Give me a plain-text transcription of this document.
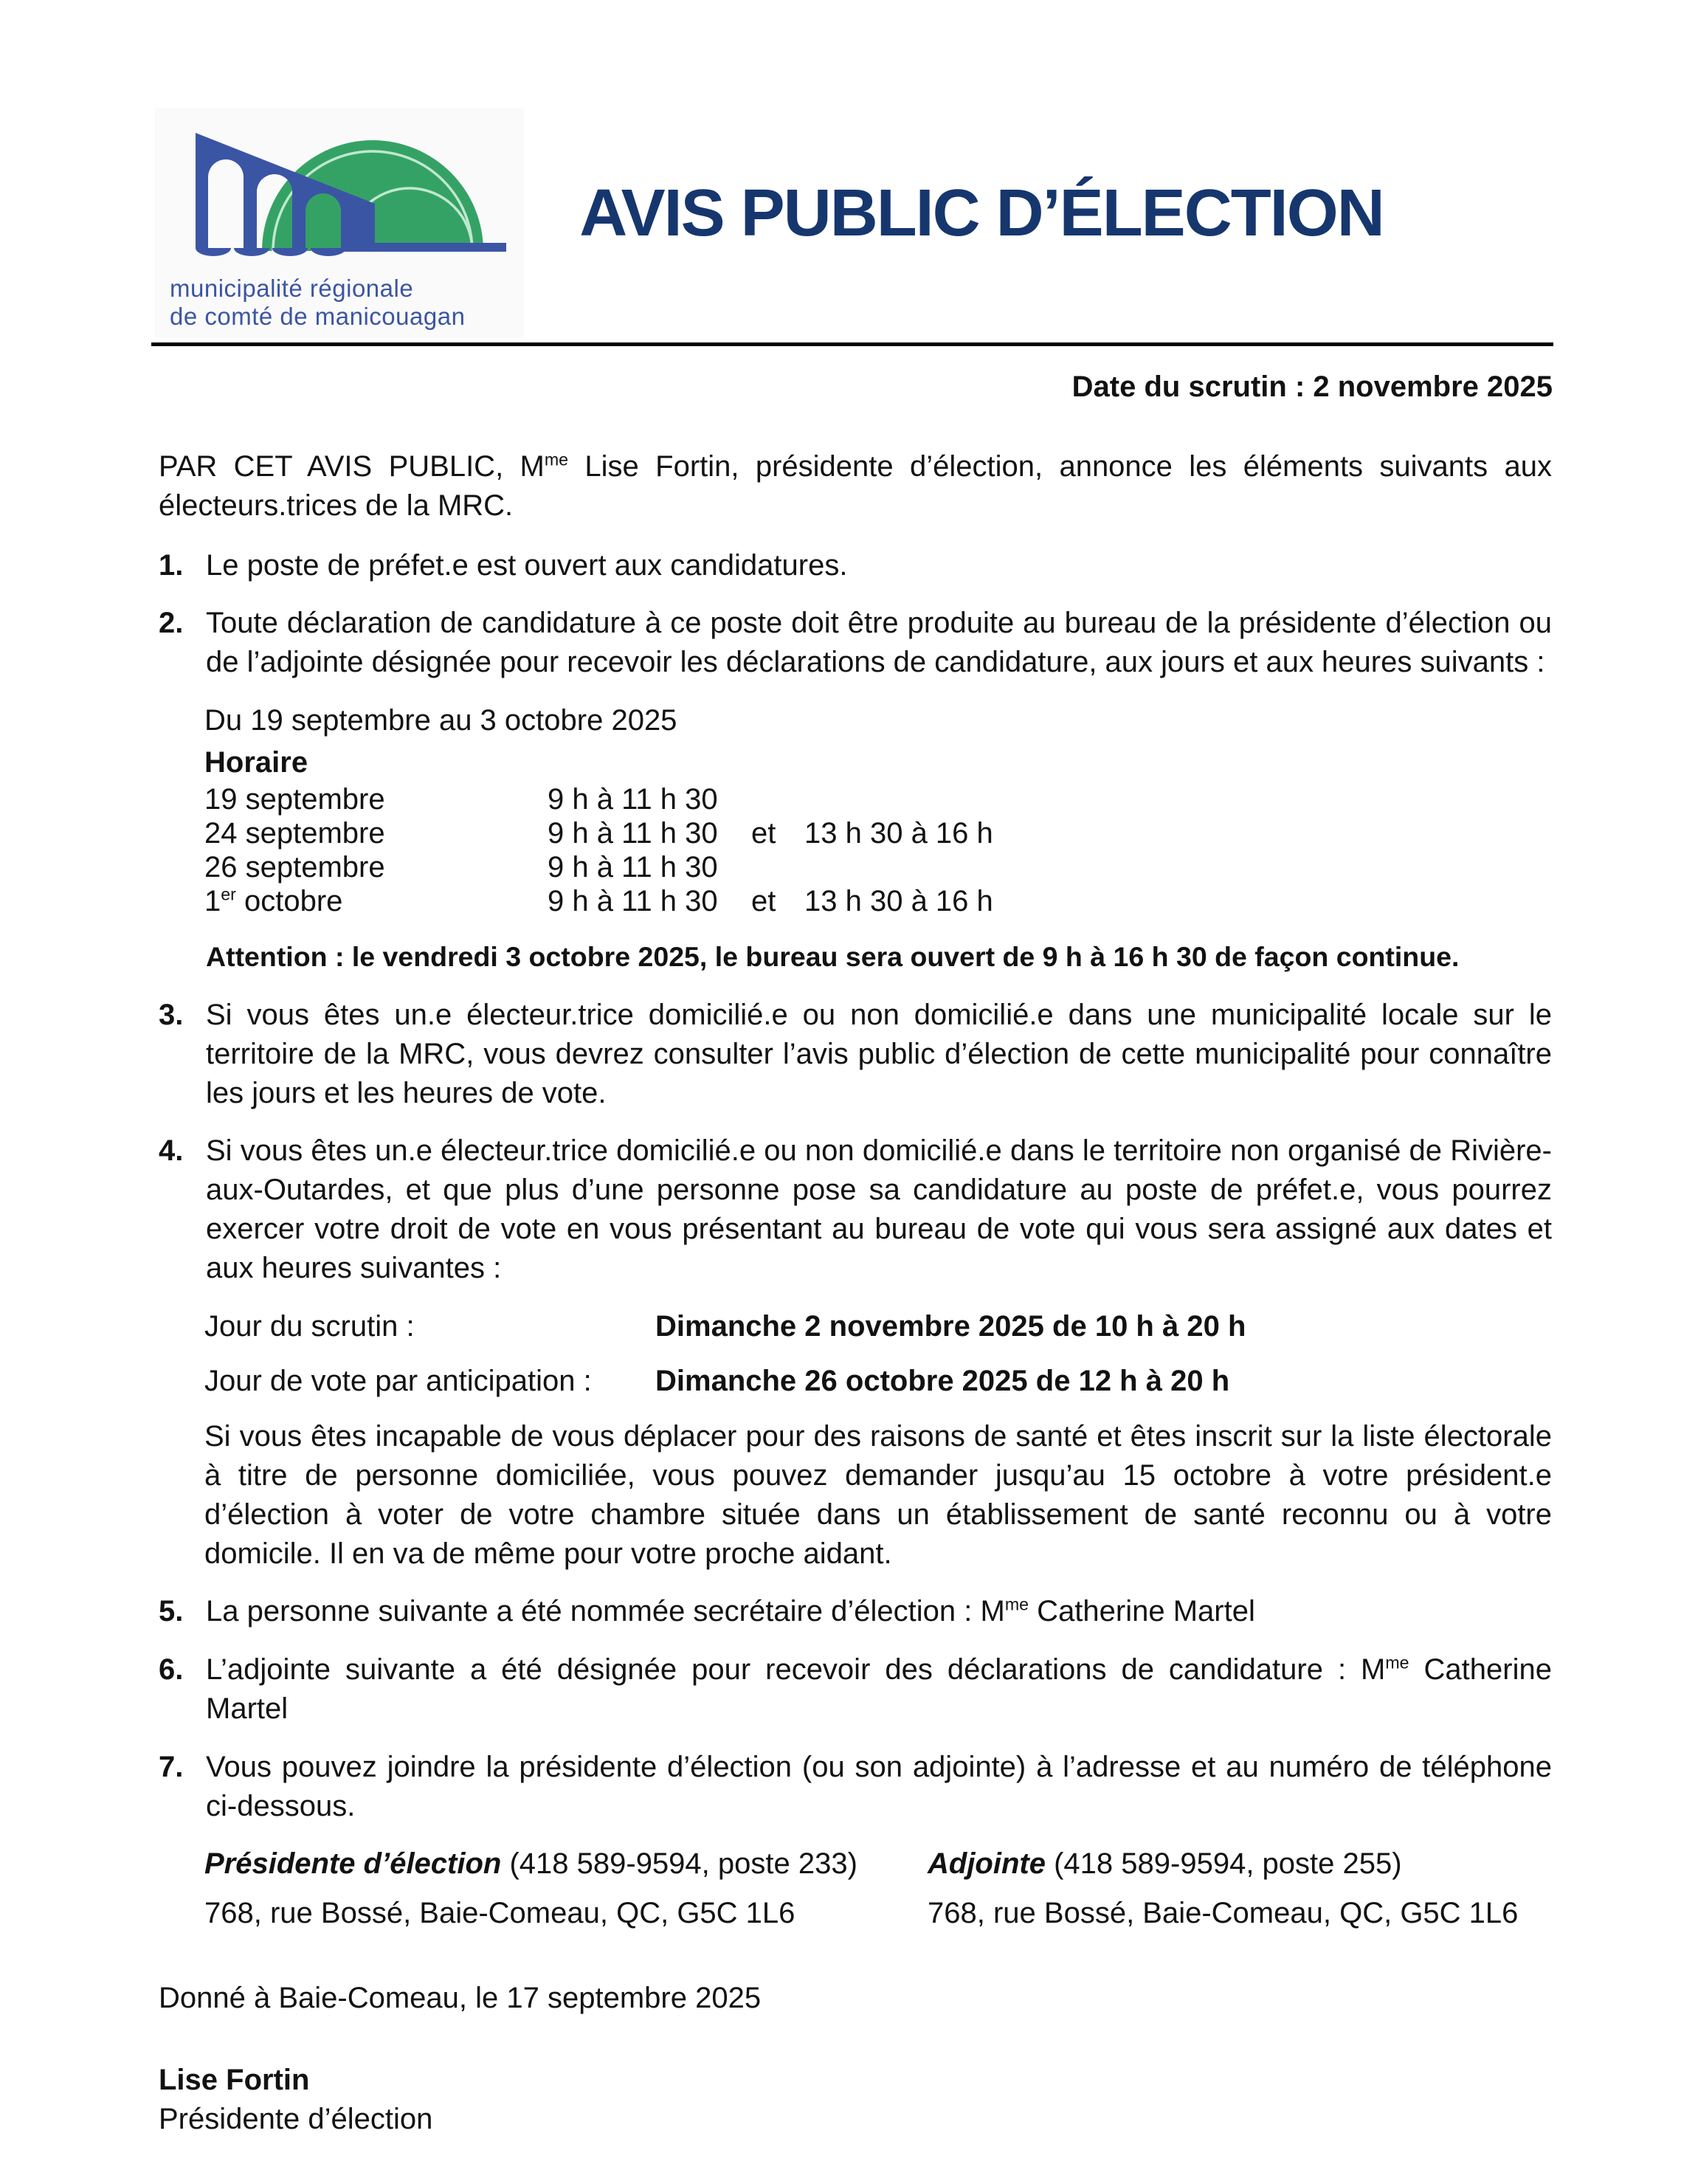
municipalité régionale
de comté de manicouagan
AVIS PUBLIC D’ÉLECTION
Date du scrutin : 2 novembre 2025

PAR CET AVIS PUBLIC, $M^{me}$ Lise Fortin, présidente d’élection, annonce les éléments suivants aux électeurs.trices de la MRC.

1. Le poste de préfet.e est ouvert aux candidatures.
2. Toute déclaration de candidature à ce poste doit être produite au bureau de la présidente d’élection ou de l’adjointe désignée pour recevoir les déclarations de candidature, aux jours et aux heures suivants :
Du 19 septembre au 3 octobre 2025
Horaire
19 septembre	9 h à 11 h 30
24 septembre	9 h à 11 h 30	et 13 h 30 à 16 h
26 septembre	9 h à 11 h 30
1er octobre	9 h à 11 h 30	et 13 h 30 à 16 h
Attention : le vendredi 3 octobre 2025, le bureau sera ouvert de 9 h à 16 h 30 de façon continue.
3. Si vous êtes un.e électeur.trice domicilié.e ou non domicilié.e dans une municipalité locale sur le territoire de la MRC, vous devrez consulter l’avis public d’élection de cette municipalité pour connaître les jours et les heures de vote.
4. Si vous êtes un.e électeur.trice domicilié.e ou non domicilié.e dans le territoire non organisé de Rivière-aux-Outardes, et que plus d’une personne pose sa candidature au poste de préfet.e, vous pourrez exercer votre droit de vote en vous présentant au bureau de vote qui vous sera assigné aux dates et aux heures suivantes :
Jour du scrutin :	Dimanche 2 novembre 2025 de 10 h à 20 h
Jour de vote par anticipation :	Dimanche 26 octobre 2025 de 12 h à 20 h
Si vous êtes incapable de vous déplacer pour des raisons de santé et êtes inscrit sur la liste électorale à titre de personne domiciliée, vous pouvez demander jusqu’au 15 octobre à votre président.e d’élection à voter de votre chambre située dans un établissement de santé reconnu ou à votre domicile. Il en va de même pour votre proche aidant.
5. La personne suivante a été nommée secrétaire d’élection : $M^{me}$ Catherine Martel
6. L’adjointe suivante a été désignée pour recevoir des déclarations de candidature : $M^{me}$ Catherine Martel
7. Vous pouvez joindre la présidente d’élection (ou son adjointe) à l’adresse et au numéro de téléphone ci-dessous.
Présidente d’élection (418 589-9594, poste 233)
768, rue Bossé, Baie-Comeau, QC, G5C 1L6
Adjointe (418 589-9594, poste 255)
768, rue Bossé, Baie-Comeau, QC, G5C 1L6
Donné à Baie-Comeau, le 17 septembre 2025
Lise Fortin
Présidente d’élection
